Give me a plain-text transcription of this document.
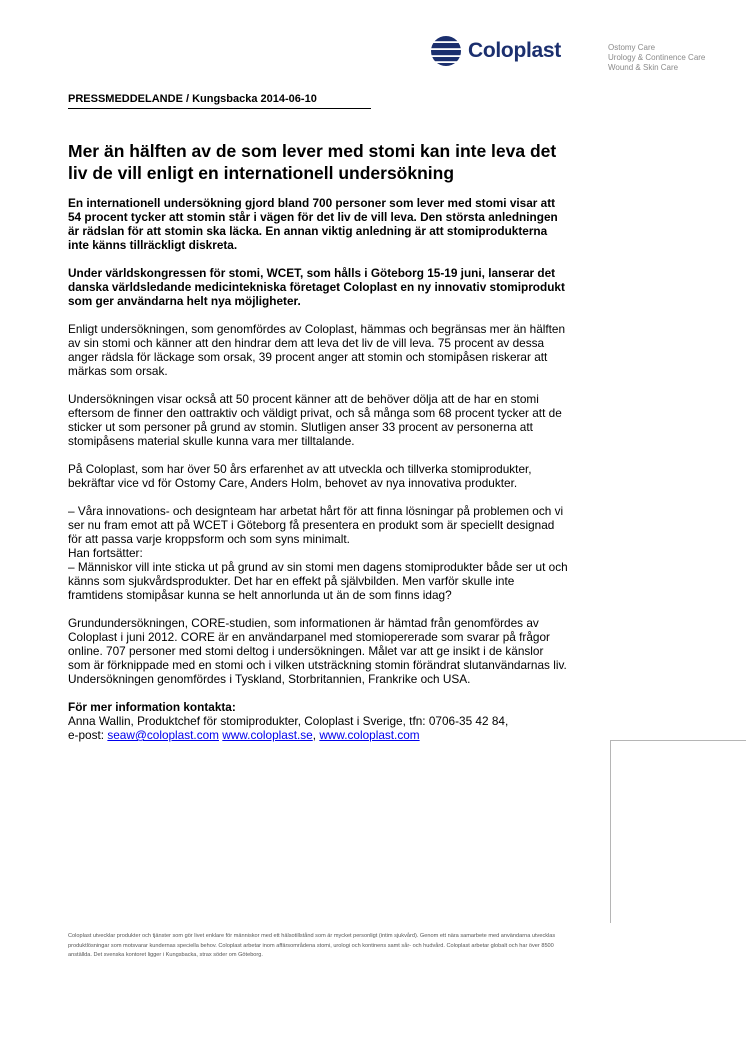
Coloplast	Ostomy Care
Urology & Continence Care
Wound & Skin Care
PRESSMEDDELANDE / Kungsbacka 2014-06-10
Mer än hälften av de som lever med stomi kan inte leva det liv de vill enligt en internationell undersökning

En internationell undersökning gjord bland 700 personer som lever med stomi visar att 54 procent tycker att stomin står i vägen för det liv de vill leva. Den största anledningen är rädslan för att stomin ska läcka. En annan viktig anledning är att stomiprodukterna inte känns tillräckligt diskreta.

Under världskongressen för stomi, WCET, som hålls i Göteborg 15-19 juni, lanserar det danska världsledande medicintekniska företaget Coloplast en ny innovativ stomiprodukt som ger användarna helt nya möjligheter.

Enligt undersökningen, som genomfördes av Coloplast, hämmas och begränsas mer än hälften av sin stomi och känner att den hindrar dem att leva det liv de vill leva. 75 procent av dessa anger rädsla för läckage som orsak, 39 procent anger att stomin och stomipåsen riskerar att märkas som orsak.

Undersökningen visar också att 50 procent känner att de behöver dölja att de har en stomi eftersom de finner den oattraktiv och väldigt privat, och så många som 68 procent tycker att de sticker ut som personer på grund av stomin. Slutligen anser 33 procent av personerna att stomipåsens material skulle kunna vara mer tilltalande.

På Coloplast, som har över 50 års erfarenhet av att utveckla och tillverka stomiprodukter, bekräftar vice vd för Ostomy Care, Anders Holm, behovet av nya innovativa produkter.

– Våra innovations- och designteam har arbetat hårt för att finna lösningar på problemen och vi ser nu fram emot att på WCET i Göteborg få presentera en produkt som är speciellt designad för att passa varje kroppsform och som syns minimalt.

Han fortsätter:

– Människor vill inte sticka ut på grund av sin stomi men dagens stomiprodukter både ser ut och känns som sjukvårdsprodukter. Det har en effekt på självbilden. Men varför skulle inte framtidens stomipåsar kunna se helt annorlunda ut än de som finns idag?

Grundundersökningen, CORE-studien, som informationen är hämtad från genomfördes av Coloplast i juni 2012. CORE är en användarpanel med stomiopererade som svarar på frågor online. 707 personer med stomi deltog i undersökningen. Målet var att ge insikt i de känslor som är förknippade med en stomi och i vilken utsträckning stomin förändrat slutanvändarnas liv. Undersökningen genomfördes i Tyskland, Storbritannien, Frankrike och USA.

För mer information kontakta:
Anna Wallin, Produktchef för stomiprodukter, Coloplast i Sverige, tfn: 0706-35 42 84,
e-post: seaw@coloplast.com www.coloplast.se, www.coloplast.com

Coloplast utvecklar produkter och tjänster som gör livet enklare för människor med ett hälsotillstånd som är mycket personligt (intim sjukvård). Genom ett nära samarbete med användarna utvecklas produktlösningar som motsvarar kundernas speciella behov. Coloplast arbetar inom affärsområdena stomi, urologi och kontinens samt sår- och hudvård. Coloplast arbetar globalt och har över 8500 anställda. Det svenska kontoret ligger i Kungsbacka, strax söder om Göteborg.
